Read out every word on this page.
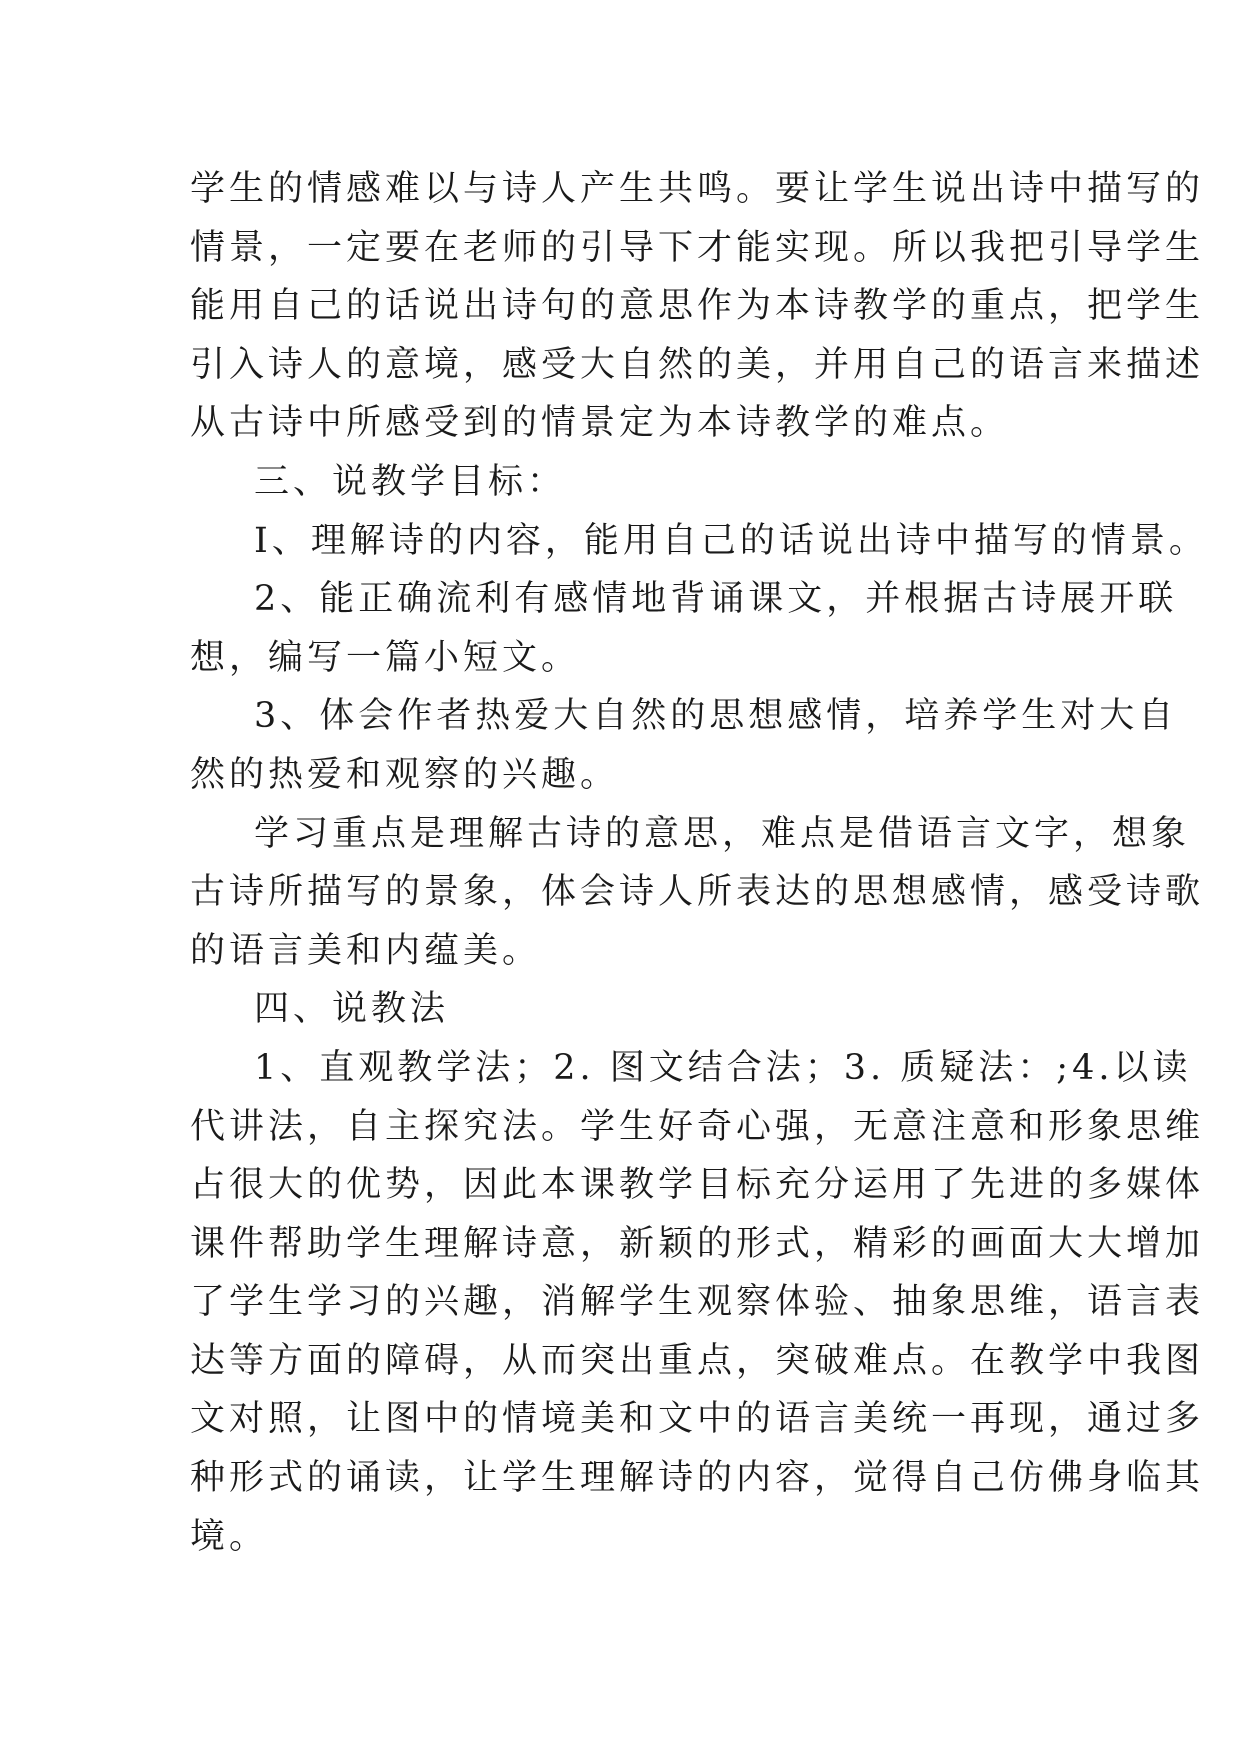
学生的情感难以与诗人产生共鸣。要让学生说出诗中描写的
情景，一定要在老师的引导下才能实现。所以我把引导学生
能用自己的话说出诗句的意思作为本诗教学的重点，把学生
引入诗人的意境，感受大自然的美，并用自己的语言来描述
从古诗中所感受到的情景定为本诗教学的难点。
三、说教学目标：
I、理解诗的内容，能用自己的话说出诗中描写的情景。
2、能正确流利有感情地背诵课文，并根据古诗展开联
想，编写一篇小短文。
3、体会作者热爱大自然的思想感情，培养学生对大自
然的热爱和观察的兴趣。
学习重点是理解古诗的意思，难点是借语言文字，想象
古诗所描写的景象，体会诗人所表达的思想感情，感受诗歌
的语言美和内蕴美。
四、说教法
1、直观教学法；2. 图文结合法；3. 质疑法：;4.以读
代讲法，自主探究法。学生好奇心强，无意注意和形象思维
占很大的优势，因此本课教学目标充分运用了先进的多媒体
课件帮助学生理解诗意，新颖的形式，精彩的画面大大增加
了学生学习的兴趣，消解学生观察体验、抽象思维，语言表
达等方面的障碍，从而突出重点，突破难点。在教学中我图
文对照，让图中的情境美和文中的语言美统一再现，通过多
种形式的诵读，让学生理解诗的内容，觉得自己仿佛身临其
境。
